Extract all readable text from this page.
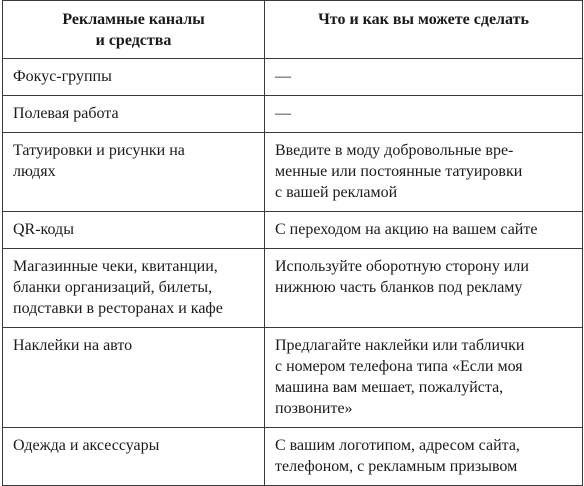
Рекламные каналы
и средства	Что и как вы можете сделать
Фокус-группы	—
Полевая работа	—
Татуировки и рисунки на
людях	Введите в моду добровольные вре-
менные или постоянные татуировки
с вашей рекламой
QR-коды	С переходом на акцию на вашем сайте
Магазинные чеки, квитанции,
бланки организаций, билеты,
подставки в ресторанах и кафе	Используйте оборотную сторону или
нижнюю часть бланков под рекламу
Наклейки на авто	Предлагайте наклейки или таблички
с номером телефона типа «Если моя
машина вам мешает, пожалуйста,
позвоните»
Одежда и аксессуары	С вашим логотипом, адресом сайта,
телефоном, с рекламным призывом
